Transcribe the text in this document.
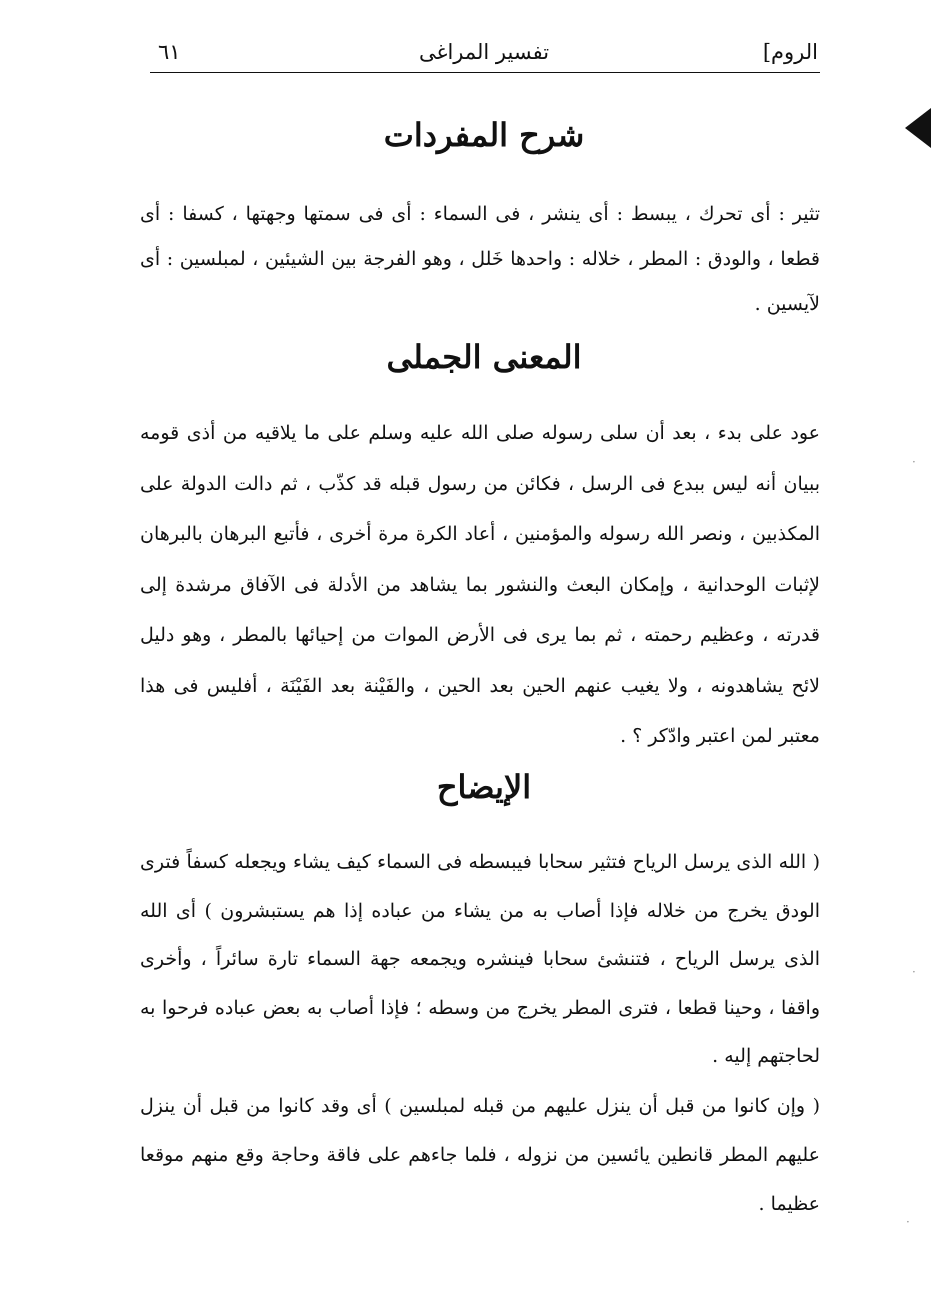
الروم]
تفسير المراغى
٦١
·
·
·
شرح المفردات

تثير : أى تحرك ، يبسط : أى ينشر ، فى السماء : أى فى سمتها وجهتها ، كسفا : أى قطعا ، والودق : المطر ، خلاله : واحدها خَلل ، وهو الفرجة بين الشيئين ، لمبلسين : أى لآيسين .

المعنى الجملى

عود على بدء ، بعد أن سلى رسوله صلى الله عليه وسلم على ما يلاقيه من أذى قومه ببيان أنه ليس ببدع فى الرسل ، فكائن من رسول قبله قد كذّب ، ثم دالت الدولة على المكذبين ، ونصر الله رسوله والمؤمنين ، أعاد الكرة مرة أخرى ، فأتبع البرهان بالبرهان لإثبات الوحدانية ، وإمكان البعث والنشور بما يشاهد من الأدلة فى الآفاق مرشدة إلى قدرته ، وعظيم رحمته ، ثم بما يرى فى الأرض الموات من إحيائها بالمطر ، وهو دليل لائح يشاهدونه ، ولا يغيب عنهم الحين بعد الحين ، والفَيْنة بعد الفَيْنَة ، أفليس فى هذا معتبر لمن اعتبر وادّكر ؟ .

الإيضاح

( الله الذى يرسل الرياح فتثير سحابا فيبسطه فى السماء كيف يشاء ويجعله كسفاً فترى الودق يخرج من خلاله فإذا أصاب به من يشاء من عباده إذا هم يستبشرون ) أى الله الذى يرسل الرياح ، فتنشئ سحابا فينشره ويجمعه جهة السماء تارة سائراً ، وأخرى واقفا ، وحينا قطعا ، فترى المطر يخرج من وسطه ؛ فإذا أصاب به بعض عباده فرحوا به لحاجتهم إليه .

( وإن كانوا من قبل أن ينزل عليهم من قبله لمبلسين ) أى وقد كانوا من قبل أن ينزل عليهم المطر قانطين يائسين من نزوله ، فلما جاءهم على فاقة وحاجة وقع منهم موقعا عظيما .
